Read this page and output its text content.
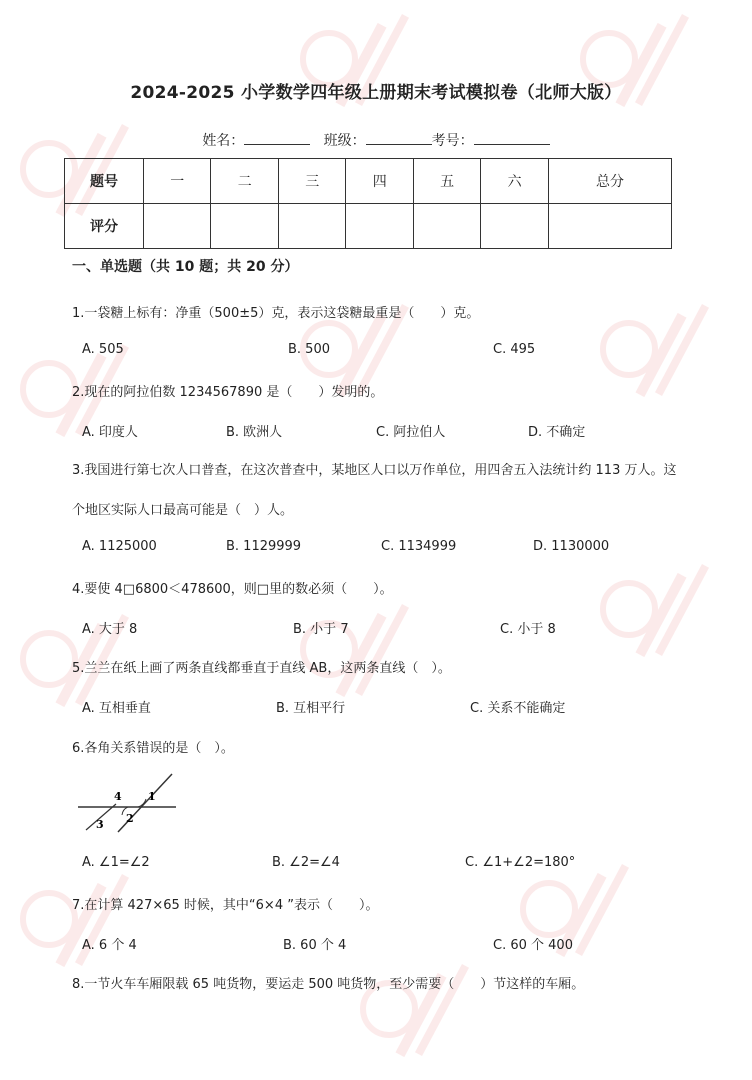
2024-2025 小学数学四年级上册期末考试模拟卷（北师大版）
姓名：	班级：	考号：
题号	一	二	三	四	五	六	总分
评分							
一、单选题（共 10 题；共 20 分）
1.一袋糖上标有：净重（500±5）克，表示这袋糖最重是（　　）克。
A. 505	B. 500	C. 495
2.现在的阿拉伯数 1234567890 是（　　）发明的。
A. 印度人	B. 欧洲人	C. 阿拉伯人	D. 不确定
3.我国进行第七次人口普查，在这次普查中，某地区人口以万作单位，用四舍五入法统计约 113 万人。这
个地区实际人口最高可能是（　）人。
A. 1125000	B. 1129999	C. 1134999	D. 1130000
4.要使 4□6800＜478600，则□里的数必须（　　）。
A. 大于 8	B. 小于 7	C. 小于 8
5.兰兰在纸上画了两条直线都垂直于直线 AB，这两条直线（　）。
A. 互相垂直	B. 互相平行	C. 关系不能确定
6.各角关系错误的是（　）。
1
2
3
4
A. ∠1=∠2	B. ∠2=∠4	C. ∠1+∠2=180°
7.在计算 427×65 时候，其中“6×4 ”表示（　　）。
A. 6 个 4	B. 60 个 4	C. 60 个 400
8.一节火车车厢限载 65 吨货物，要运走 500 吨货物，至少需要（　　）节这样的车厢。
